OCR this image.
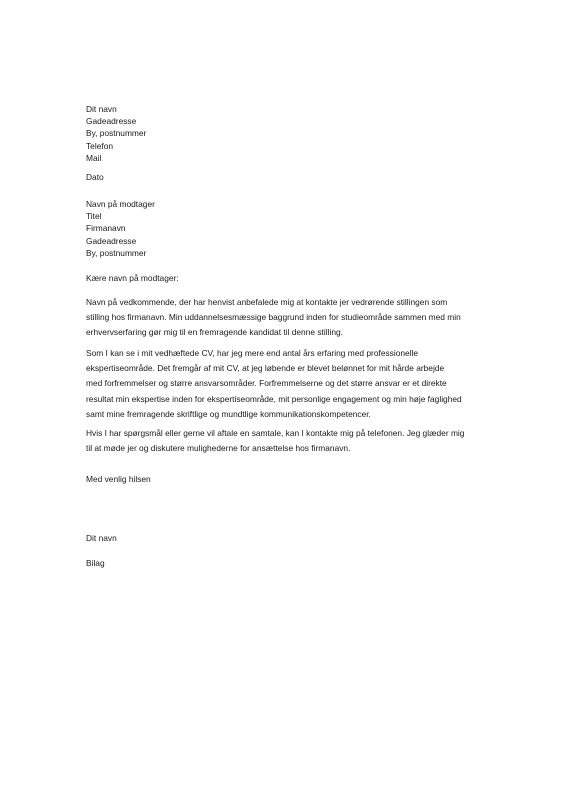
Dit navn
Gadeadresse
By, postnummer
Telefon
Mail
Dato
Navn på modtager
Titel
Firmanavn
Gadeadresse
By, postnummer
Kære navn på modtager:
Navn på vedkommende, der har henvist anbefalede mig at kontakte jer vedrørende stillingen som
stilling hos firmanavn. Min uddannelsesmæssige baggrund inden for studieområde sammen med min
erhvervserfaring gør mig til en fremragende kandidat til denne stilling.
Som I kan se i mit vedhæftede CV, har jeg mere end antal års erfaring med professionelle
ekspertiseområde. Det fremgår af mit CV, at jeg løbende er blevet belønnet for mit hårde arbejde
med forfremmelser og større ansvarsområder. Forfremmelserne og det større ansvar er et direkte
resultat min ekspertise inden for ekspertiseområde, mit personlige engagement og min høje faglighed
samt mine fremragende skriftlige og mundtlige kommunikationskompetencer.
Hvis I har spørgsmål eller gerne vil aftale en samtale, kan I kontakte mig på telefonen. Jeg glæder mig
til at møde jer og diskutere mulighederne for ansættelse hos firmanavn.
Med venlig hilsen
Dit navn
Bilag
